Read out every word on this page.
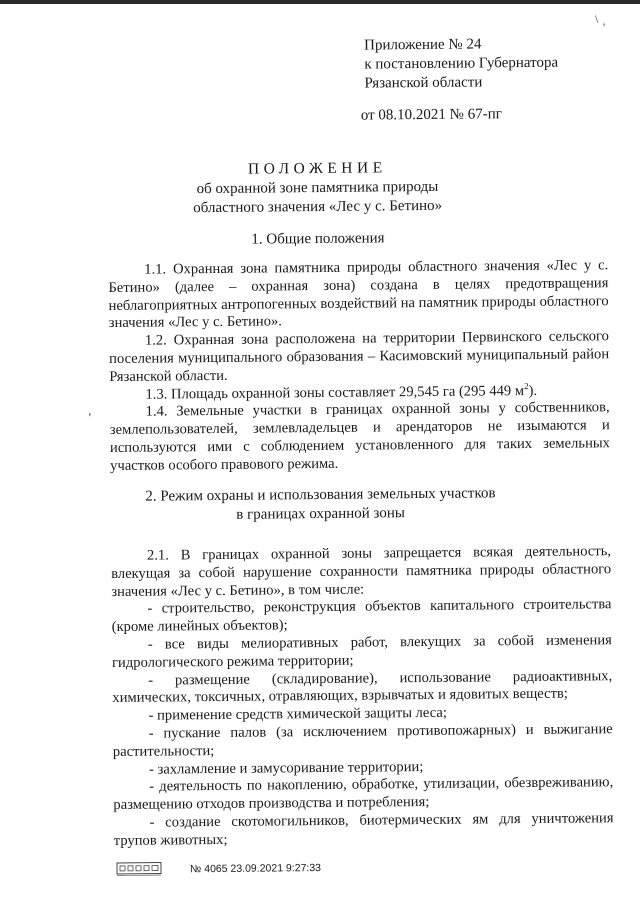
\
'
Приложение № 24
к постановлению Губернатора
Рязанской области
от 08.10.2021 № 67-пг
ПОЛОЖЕНИЕ
об охранной зоне памятника природы
областного значения «Лес у с. Бетино»
1. Общие положения

1.1. Охранная зона памятника природы областного значения «Лес у с. Бетино» (далее – охранная зона) создана в целях предотвращения неблагоприятных антропогенных воздействий на памятник природы областного значения «Лес у с. Бетино».

1.2. Охранная зона расположена на территории Первинского сельского поселения муниципального образования – Касимовский муниципальный район Рязанской области.

1.3. Площадь охранной зоны составляет 29,545 га (295 449 $м^2$).

1.4. Земельные участки в границах охранной зоны у собственников, землепользователей, землевладельцев и арендаторов не изымаются и используются ими с соблюдением установленного для таких земельных участков особого правового режима.

2. Режим охраны и использования земельных участков
в границах охранной зоны

2.1. В границах охранной зоны запрещается всякая деятельность, влекущая за собой нарушение сохранности памятника природы областного значения «Лес у с. Бетино», в том числе:

- строительство, реконструкция объектов капитального строительства (кроме линейных объектов);

- все виды мелиоративных работ, влекущих за собой изменения гидрологического режима территории;

- размещение (складирование), использование радиоактивных, химических, токсичных, отравляющих, взрывчатых и ядовитых веществ;

- применение средств химической защиты леса;

- пускание палов (за исключением противопожарных) и выжигание растительности;

- захламление и замусоривание территории;

- деятельность по накоплению, обработке, утилизации, обезвреживанию, размещению отходов производства и потребления;

- создание скотомогильников, биотермических ям для уничтожения трупов животных;

ʼ
№ 4065 23.09.2021 9:27:33
